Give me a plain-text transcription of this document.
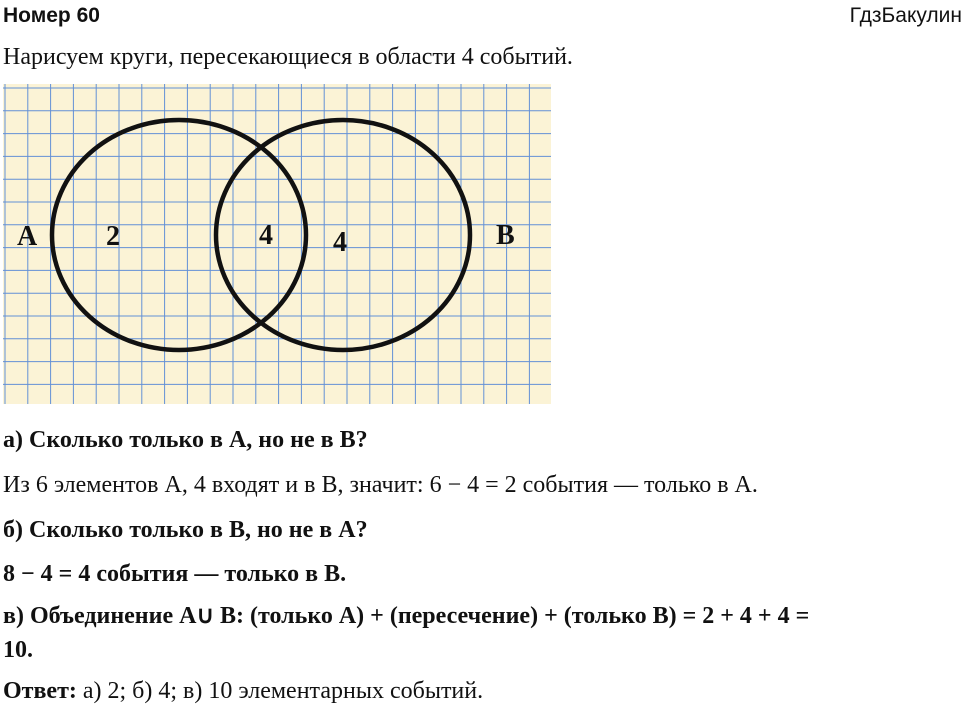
Номер 60	ГдзБакулин
Нарисуем круги, пересекающиеся в области 4 событий.
A	B
2	4 4
а) Сколько только в A, но не в B?
Из 6 элементов A, 4 входят и в B, значит: 6 − 4 = 2 события — только в A.
б) Сколько только в B, но не в A?
8 − 4 = 4 события — только в B.
в) Объединение A∪ B: (только A) + (пересечение) + (только B) = 2 + 4 + 4 =
10.
Ответ: а) 2; б) 4; в) 10 элементарных событий.
